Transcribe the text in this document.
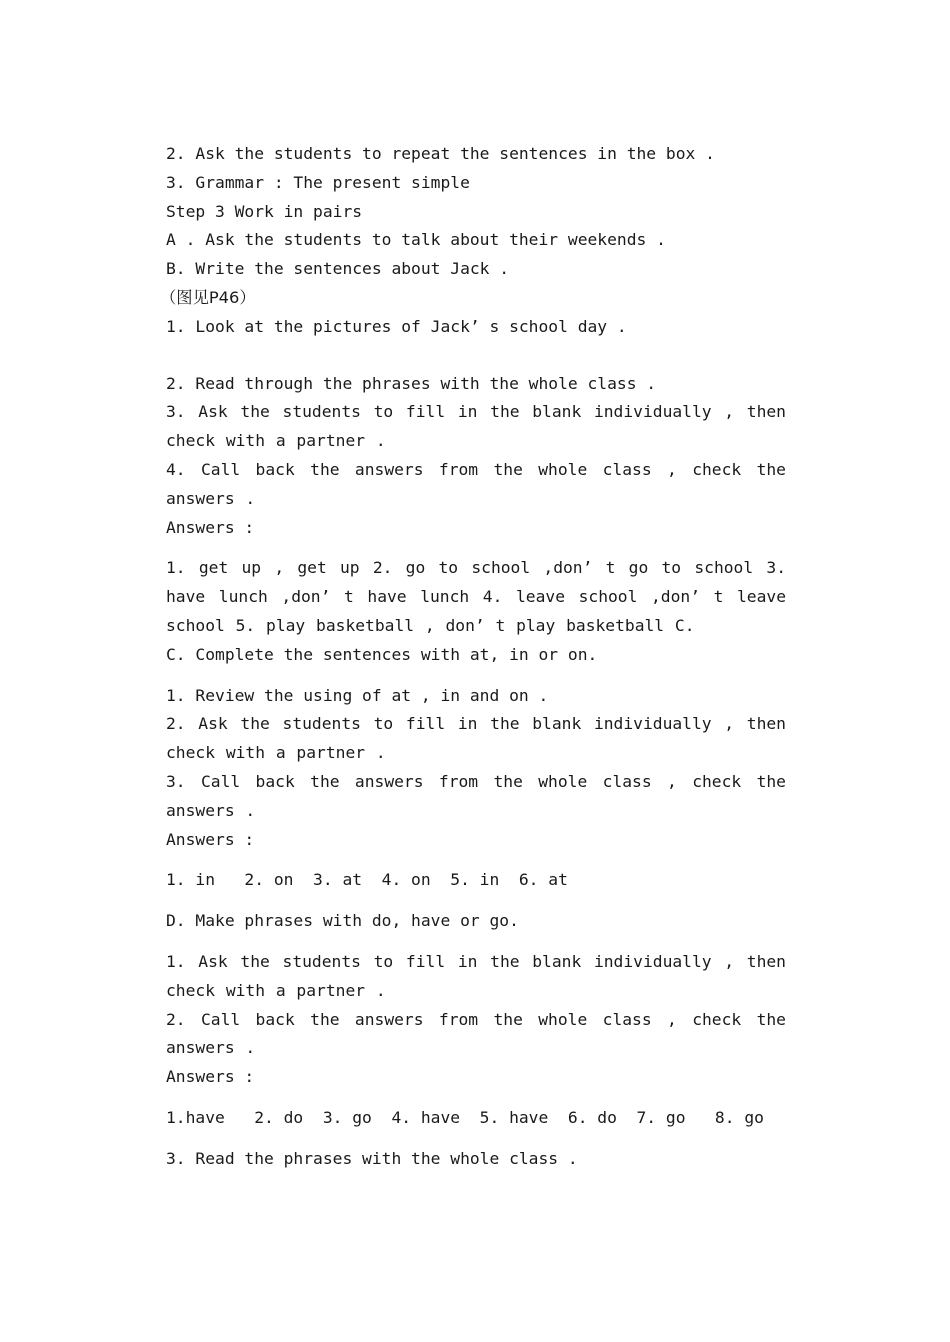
2. Ask the students to repeat the sentences in the box .
3. Grammar : The present simple
Step 3 Work in pairs
A . Ask the students to talk about their weekends .
B. Write the sentences about Jack .
（图见P46）
1. Look at the pictures of Jack’ s school day .
2. Read through the phrases with the whole class .
3. Ask the students to fill in the blank individually , then check with a partner .
4. Call back the answers from the whole class , check the answers .
Answers :
1. get up , get up 2. go to school ,don’ t go to school 3. have lunch ,don’ t have lunch 4. leave school ,don’ t leave school 5. play basketball , don’ t play basketball C.
C. Complete the sentences with at, in or on.
1. Review the using of at , in and on .
2. Ask the students to fill in the blank individually , then check with a partner .
3. Call back the answers from the whole class , check the answers .
Answers :
1. in   2. on  3. at  4. on  5. in  6. at
D. Make phrases with do, have or go.
1. Ask the students to fill in the blank individually , then check with a partner .
2. Call back the answers from the whole class , check the answers .
Answers :
1.have   2. do  3. go  4. have  5. have  6. do  7. go   8. go
3. Read the phrases with the whole class .
